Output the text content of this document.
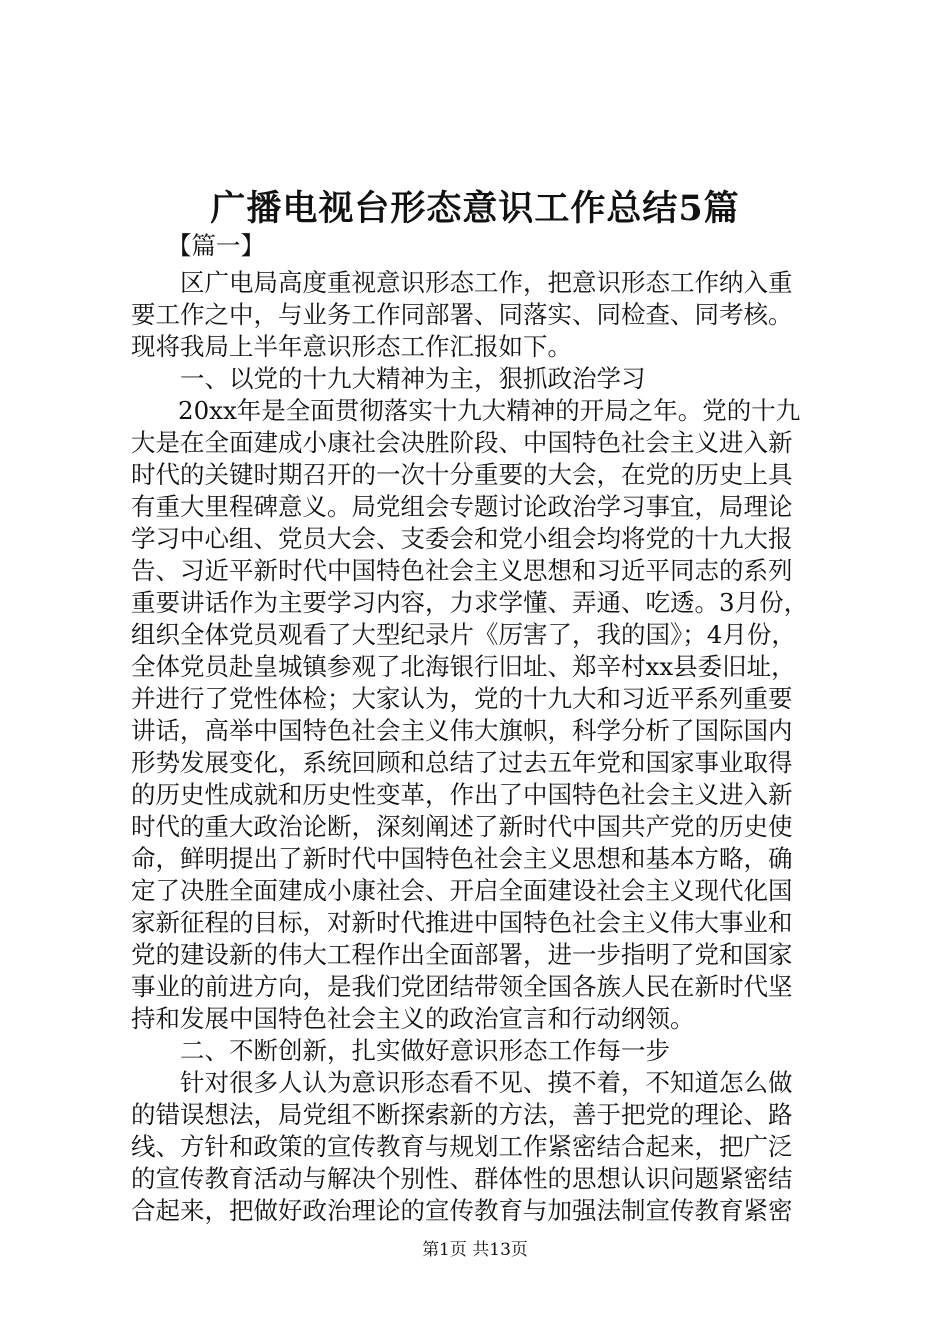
广播电视台形态意识工作总结5篇
【篇一】
区广电局高度重视意识形态工作，把意识形态工作纳入重
要工作之中，与业务工作同部署、同落实、同检查、同考核。
现将我局上半年意识形态工作汇报如下。
一、以党的十九大精神为主，狠抓政治学习
20xx年是全面贯彻落实十九大精神的开局之年。党的十九
大是在全面建成小康社会决胜阶段、中国特色社会主义进入新
时代的关键时期召开的一次十分重要的大会，在党的历史上具
有重大里程碑意义。局党组会专题讨论政治学习事宜，局理论
学习中心组、党员大会、支委会和党小组会均将党的十九大报
告、习近平新时代中国特色社会主义思想和习近平同志的系列
重要讲话作为主要学习内容，力求学懂、弄通、吃透。3月份，
组织全体党员观看了大型纪录片《厉害了，我的国》；4月份，
全体党员赴皇城镇参观了北海银行旧址、郑辛村xx县委旧址，
并进行了党性体检；大家认为，党的十九大和习近平系列重要
讲话，高举中国特色社会主义伟大旗帜，科学分析了国际国内
形势发展变化，系统回顾和总结了过去五年党和国家事业取得
的历史性成就和历史性变革，作出了中国特色社会主义进入新
时代的重大政治论断，深刻阐述了新时代中国共产党的历史使
命，鲜明提出了新时代中国特色社会主义思想和基本方略，确
定了决胜全面建成小康社会、开启全面建设社会主义现代化国
家新征程的目标，对新时代推进中国特色社会主义伟大事业和
党的建设新的伟大工程作出全面部署，进一步指明了党和国家
事业的前进方向，是我们党团结带领全国各族人民在新时代坚
持和发展中国特色社会主义的政治宣言和行动纲领。
二、不断创新，扎实做好意识形态工作每一步
针对很多人认为意识形态看不见、摸不着，不知道怎么做
的错误想法，局党组不断探索新的方法，善于把党的理论、路
线、方针和政策的宣传教育与规划工作紧密结合起来，把广泛
的宣传教育活动与解决个别性、群体性的思想认识问题紧密结
合起来，把做好政治理论的宣传教育与加强法制宣传教育紧密
第1页 共13页
